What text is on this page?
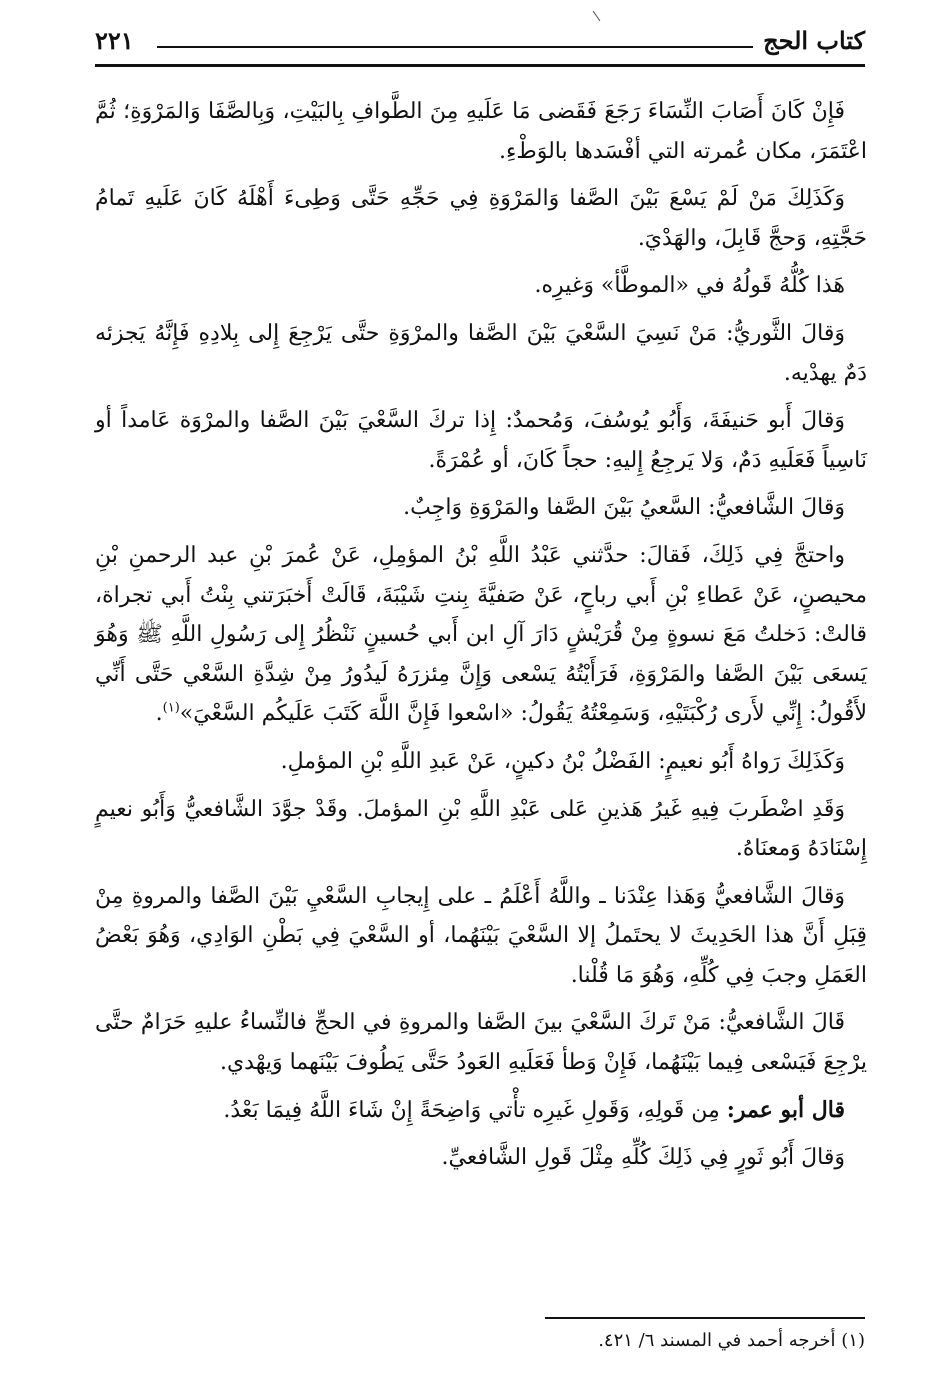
كتاب الحج
٢٢١

فَإِنْ كَانَ أَصَابَ النِّسَاءَ رَجَعَ فَقَضى مَا عَلَيهِ مِنَ الطَّوافِ بِالبَيْتِ، وَبِالصَّفَا وَالمَرْوَةِ؛ ثُمَّ اعْتَمَرَ، مكان عُمرته التي أفْسَدها بالوَطْءِ.

وَكَذَلِكَ مَنْ لَمْ يَسْعَ بَيْنَ الصَّفا وَالمَرْوَةِ فِي حَجِّهِ حَتَّى وَطِىءَ أَهْلَهُ كَانَ عَلَيهِ تَمامُ حَجَّتِهِ، وَحجَّ قَابِلَ، والهَدْيَ.

هَذا كُلُّهُ قَولُهُ في «الموطَّأ» وَغيرِه.

وَقالَ الثَّوريُّ: مَنْ نَسِيَ السَّعْيَ بَيْنَ الصَّفا والمرْوَةِ حتَّى يَرْجِعَ إِلى بِلادِهِ فَإِنَّهُ يَجزئه دَمٌ يهدْيه.

وَقالَ أَبو حَنيفَةَ، وَأَبُو يُوسُفَ، وَمُحمدٌ: إِذا تركَ السَّعْيَ بَيْنَ الصَّفا والمرْوَة عَامداً أو نَاسِياً فَعَلَيهِ دَمٌ، وَلا يَرجِعُ إِليهِ: حجاً كَانَ، أو عُمْرَةً.

وَقالَ الشَّافعيُّ: السَّعيُ بَيْنَ الصَّفا والمَرْوَةِ وَاجِبٌ.

واحتجَّ فِي ذَلِكَ، فَقالَ: حدَّثني عَبْدُ اللَّهِ بْنُ المؤمِلِ، عَنْ عُمرَ بْنِ عبد الرحمنِ بْنِ محيصنٍ، عَنْ عَطاءِ بْنِ أَبي رباحٍ، عَنْ صَفيَّةَ بِنتِ شَيْبَةَ، قَالَتْ أَخبَرَتني بِنْتُ أَبي تجراة، قالتْ: دَخلتُ مَعَ نسوةٍ مِنْ قُرَيْشٍ دَارَ آلِ ابن أَبي حُسينٍ نَنْظُرُ إِلى رَسُولِ اللَّهِ ﷺ وَهُوَ يَسعَى بَيْنَ الصَّفا والمَرْوَةِ، فَرَأَيْتُهُ يَسْعى وَإِنَّ مِئزرَهُ لَيدُورُ مِنْ شِدَّةِ السَّعْي حَتَّى أَنِّي لأَقُولُ: إِنِّي لأَرى رُكْبَتَيْهِ، وَسَمِعْتُهُ يَقُولُ: «اسْعوا فَإِنَّ اللَّهَ كَتَبَ عَلَيكُم السَّعْيَ»$^{(١)}$.

وَكَذَلِكَ رَواهُ أَبُو نعيمٍ: الفَضْلُ بْنُ دكينٍ، عَنْ عَبدِ اللَّهِ بْنِ المؤملِ.

وَقَدِ اضْطَربَ فِيهِ غَيرُ هَذينِ عَلى عَبْدِ اللَّهِ بْنِ المؤملَ. وقَدْ جوَّدَ الشَّافعيُّ وَأَبُو نعيمٍ إِسْنَادَهُ وَمعنَاهُ.

وَقالَ الشَّافعيُّ وَهَذا عِنْدَنا ـ واللَّهُ أَعْلَمُ ـ على إِيجابِ السَّعْيِ بَيْنَ الصَّفا والمروةِ مِنْ قِبَلِ أَنَّ هذا الحَدِيثَ لا يحتَملُ إلا السَّعْيَ بَيْنَهُما، أو السَّعْيَ فِي بَطْنِ الوَادِي، وَهُوَ بَعْضُ العَمَلِ وجبَ فِي كُلِّهِ، وَهُوَ مَا قُلْنا.

قَالَ الشَّافعيُّ: مَنْ تَركَ السَّعْيَ بينَ الصَّفا والمروةِ في الحجِّ فالنِّساءُ عليهِ حَرَامٌ حتَّى يرْجِعَ فَيَسْعى فِيما بَيْنَهُما، فَإِنْ وَطأ فَعَلَيهِ العَودُ حَتَّى يَطُوفَ بَيْنَهما وَيهْدي.

قال أبو عمر: مِن قَولِهِ، وَقَولِ غَيرِه تأْتي وَاضِحَةً إِنْ شَاءَ اللَّهُ فِيمَا بَعْدُ.

وَقالَ أَبُو ثَورٍ فِي ذَلِكَ كُلِّهِ مِثْلَ قَولِ الشَّافعيِّ.

(١) أخرجه أحمد في المسند ٦/ ٤٢١.
